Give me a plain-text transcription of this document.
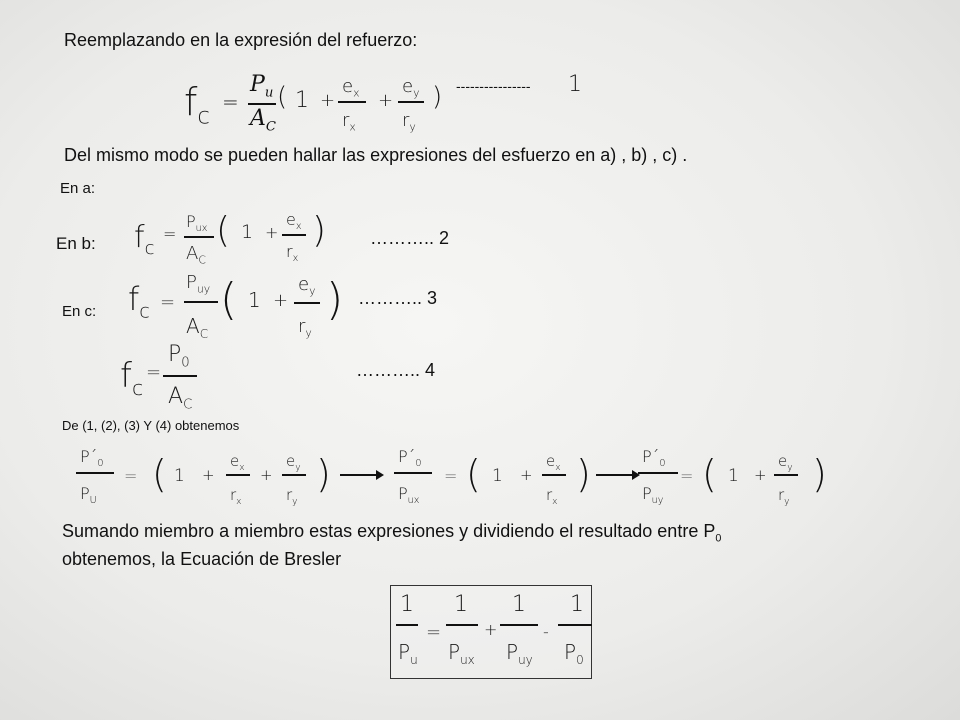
Reemplazando en la expresión del refuerzo:
$f_c$
=
$P_u$
$A_C$
( 1 +
$e_x$
$r_x$
+
$e_y$
$r_y$
) ---------------- 1
Del mismo modo se pueden hallar las expresiones del esfuerzo en a) , b) , c) .
En a:
En b: $f_c$
=
$P_{ux}$
$A_C$
( 1 +
$e_x$
$r_x$
) ……….. 2
En c: $f_c$ =
$P_{uy}$
$A_C$
( 1 +
$e_y$
$r_y$
) ……….. 3
$f_c$
=
$P_0$
$A_C$
……….. 4
De (1, (2), (3) Y (4) obtenemos
$P´_0$
$P_U$
= ( 1 +
$e_x$
$r_x$
+
$e_y$
$r_y$
)	$P´_0$
$P_{ux}$
= ( 1 +
$e_x$
$r_x$
)	$P´_0$
$P_{uy}$
= ( 1 +
$e_y$
$r_y$
)
Sumando miembro a miembro estas expresiones y dividiendo el resultado entre $P_0$
obtenemos, la Ecuación de Bresler
1
$P_u$
=
1
$P_{ux}$
+
1
$P_{uy}$
-
1
$P_0$
